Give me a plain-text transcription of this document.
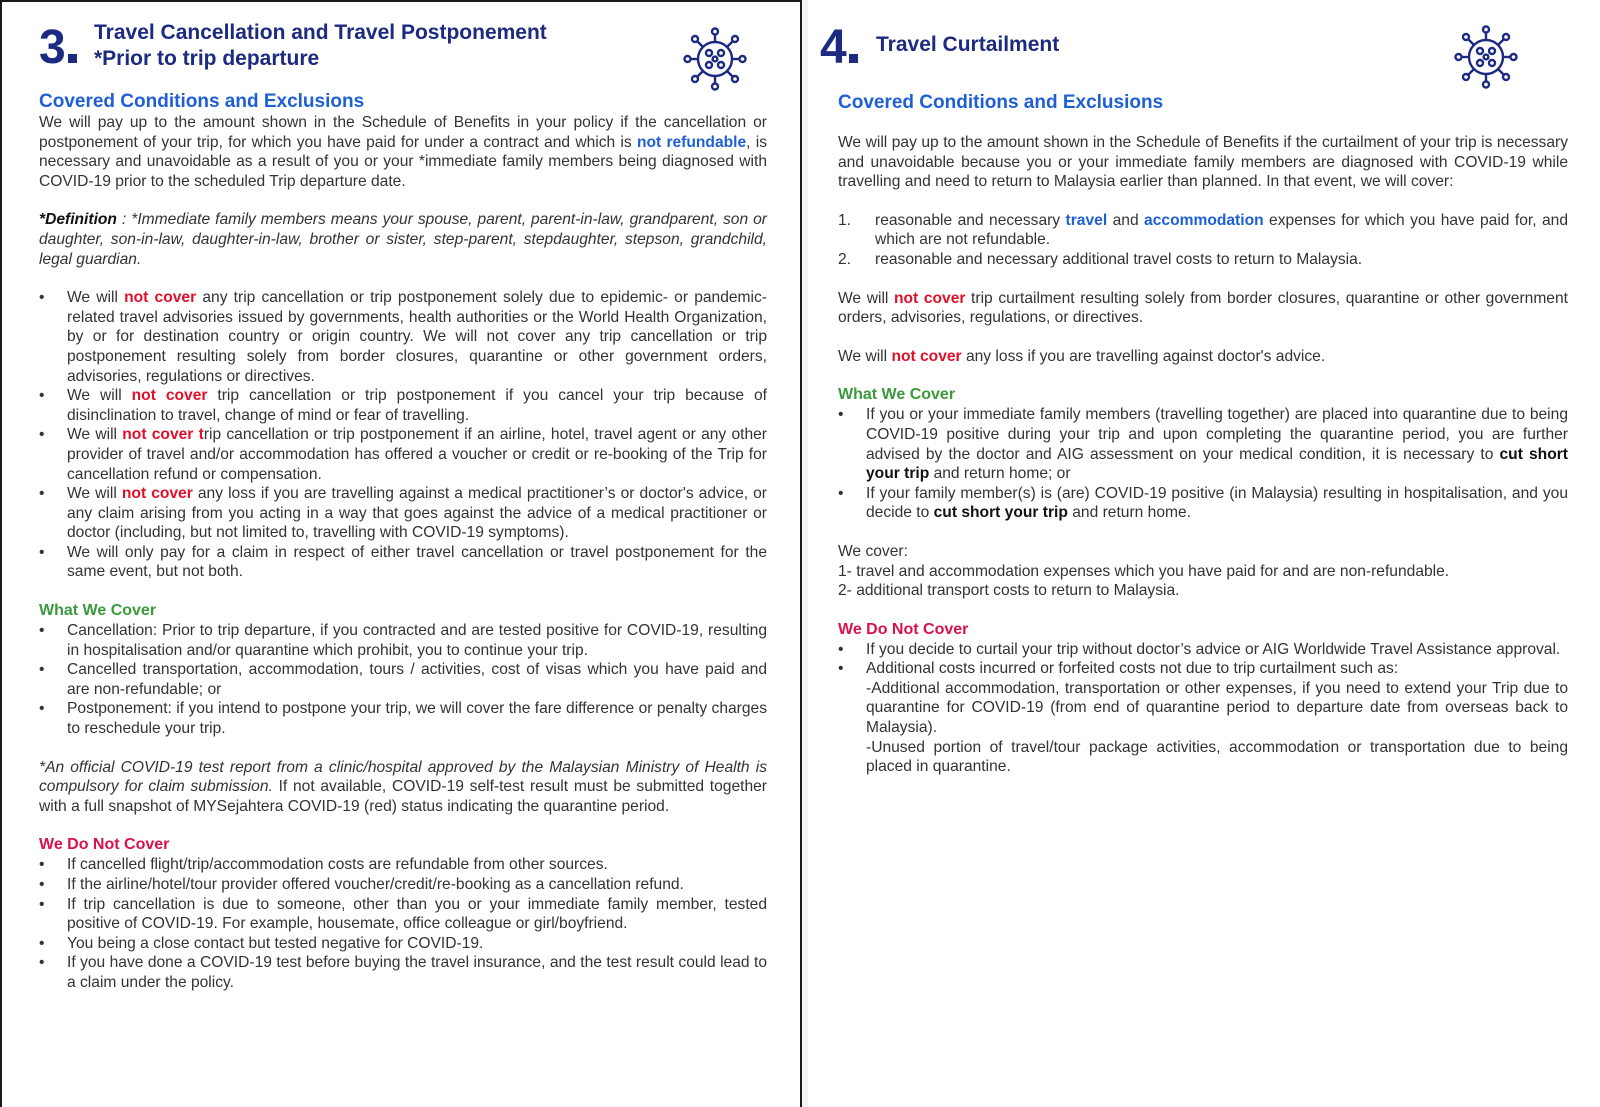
3	Travel Cancellation and Travel Postponement
*Prior to trip departure
Covered Conditions and Exclusions

We will pay up to the amount shown in the Schedule of Benefits in your policy if the cancellation or postponement of your trip, for which you have paid for under a contract and which is not refundable, is necessary and unavoidable as a result of you or your *immediate family members being diagnosed with COVID-19 prior to the scheduled Trip departure date.

*Definition : *Immediate family members means your spouse, parent, parent-in-law, grandparent, son or daughter, son-in-law, daughter-in-law, brother or sister, step-parent, stepdaughter, stepson, grandchild, legal guardian.

• We will not cover any trip cancellation or trip postponement solely due to epidemic- or pandemic-related travel advisories issued by governments, health authorities or the World Health Organization, by or for destination country or origin country. We will not cover any trip cancellation or trip postponement resulting solely from border closures, quarantine or other government orders, advisories, regulations or directives.
• We will not cover trip cancellation or trip postponement if you cancel your trip because of disinclination to travel, change of mind or fear of travelling.
• We will not cover trip cancellation or trip postponement if an airline, hotel, travel agent or any other provider of travel and/or accommodation has offered a voucher or credit or re-booking of the Trip for cancellation refund or compensation.
• We will not cover any loss if you are travelling against a medical practitioner’s or doctor's advice, or any claim arising from you acting in a way that goes against the advice of a medical practitioner or doctor (including, but not limited to, travelling with COVID-19 symptoms).
• We will only pay for a claim in respect of either travel cancellation or travel postponement for the same event, but not both.
What We Cover
• Cancellation: Prior to trip departure, if you contracted and are tested positive for COVID-19, resulting in hospitalisation and/or quarantine which prohibit, you to continue your trip.
• Cancelled transportation, accommodation, tours / activities, cost of visas which you have paid and are non-refundable; or
• Postponement: if you intend to postpone your trip, we will cover the fare difference or penalty charges to reschedule your trip.

*An official COVID-19 test report from a clinic/hospital approved by the Malaysian Ministry of Health is compulsory for claim submission. If not available, COVID-19 self-test result must be submitted together with a full snapshot of MYSejahtera COVID-19 (red) status indicating the quarantine period.

We Do Not Cover
• If cancelled flight/trip/accommodation costs are refundable from other sources.
• If the airline/hotel/tour provider offered voucher/credit/re-booking as a cancellation refund.
• If trip cancellation is due to someone, other than you or your immediate family member, tested positive of COVID-19. For example, housemate, office colleague or girl/boyfriend.
• You being a close contact but tested negative for COVID-19.
• If you have done a COVID-19 test before buying the travel insurance, and the test result could lead to a claim under the policy.
4	Travel Curtailment
Covered Conditions and Exclusions

We will pay up to the amount shown in the Schedule of Benefits if the curtailment of your trip is necessary and unavoidable because you or your immediate family members are diagnosed with COVID-19 while travelling and need to return to Malaysia earlier than planned. In that event, we will cover:

1. reasonable and necessary travel and accommodation expenses for which you have paid for, and which are not refundable.
2. reasonable and necessary additional travel costs to return to Malaysia.

We will not cover trip curtailment resulting solely from border closures, quarantine or other government orders, advisories, regulations, or directives.

We will not cover any loss if you are travelling against doctor's advice.

What We Cover
• If you or your immediate family members (travelling together) are placed into quarantine due to being COVID-19 positive during your trip and upon completing the quarantine period, you are further advised by the doctor and AIG assessment on your medical condition, it is necessary to cut short your trip and return home; or
• If your family member(s) is (are) COVID-19 positive (in Malaysia) resulting in hospitalisation, and you decide to cut short your trip and return home.
We cover:
1- travel and accommodation expenses which you have paid for and are non-refundable.
2- additional transport costs to return to Malaysia.
We Do Not Cover
• If you decide to curtail your trip without doctor’s advice or AIG Worldwide Travel Assistance approval.
• Additional costs incurred or forfeited costs not due to trip curtailment such as:
-Additional accommodation, transportation or other expenses, if you need to extend your Trip due to quarantine for COVID-19 (from end of quarantine period to departure date from overseas back to Malaysia).
-Unused portion of travel/tour package activities, accommodation or transportation due to being placed in quarantine.
